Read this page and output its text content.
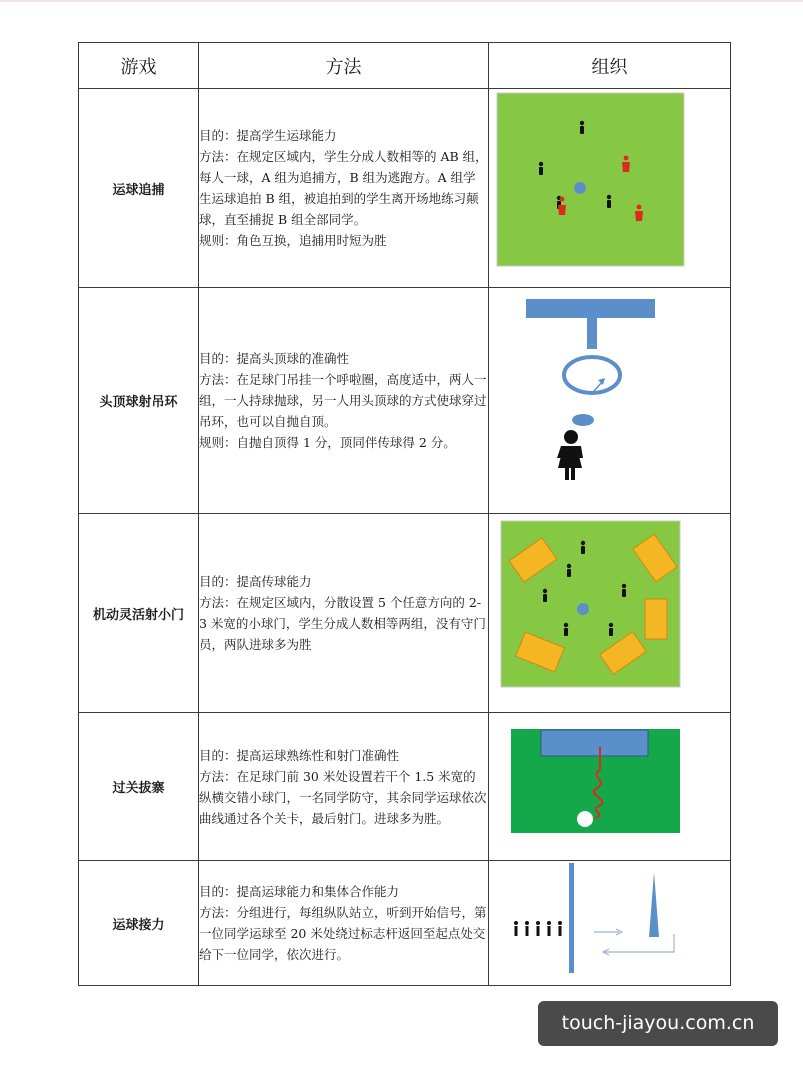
游戏	方法	组织
运球追捕	目的：提高学生运球能力

方法：在规定区域内，学生分成人数相等的 AB 组，每人一球，A 组为追捕方，B 组为逃跑方。A 组学生运球追拍 B 组，被追拍到的学生离开场地练习颠球，直至捕捉 B 组全部同学。

规则：角色互换，追捕用时短为胜

头顶球射吊环	目的：提高头顶球的准确性

方法：在足球门吊挂一个呼啦圈，高度适中，两人一组，一人持球抛球，另一人用头顶球的方式使球穿过吊环，也可以自抛自顶。

规则：自抛自顶得 1 分，顶同伴传球得 2 分。

机动灵活射小门	目的：提高传球能力

方法：在规定区域内，分散设置 5 个任意方向的 2-3 米宽的小球门，学生分成人数相等两组，没有守门员，两队进球多为胜

过关拔寨	目的：提高运球熟练性和射门准确性

方法：在足球门前 30 米处设置若干个 1.5 米宽的纵横交错小球门，一名同学防守，其余同学运球依次曲线通过各个关卡，最后射门。进球多为胜。

运球接力	目的：提高运球能力和集体合作能力

方法：分组进行，每组纵队站立，听到开始信号，第一位同学运球至 20 米处绕过标志杆返回至起点处交给下一位同学，依次进行。

touch-jiayou.com.cn
